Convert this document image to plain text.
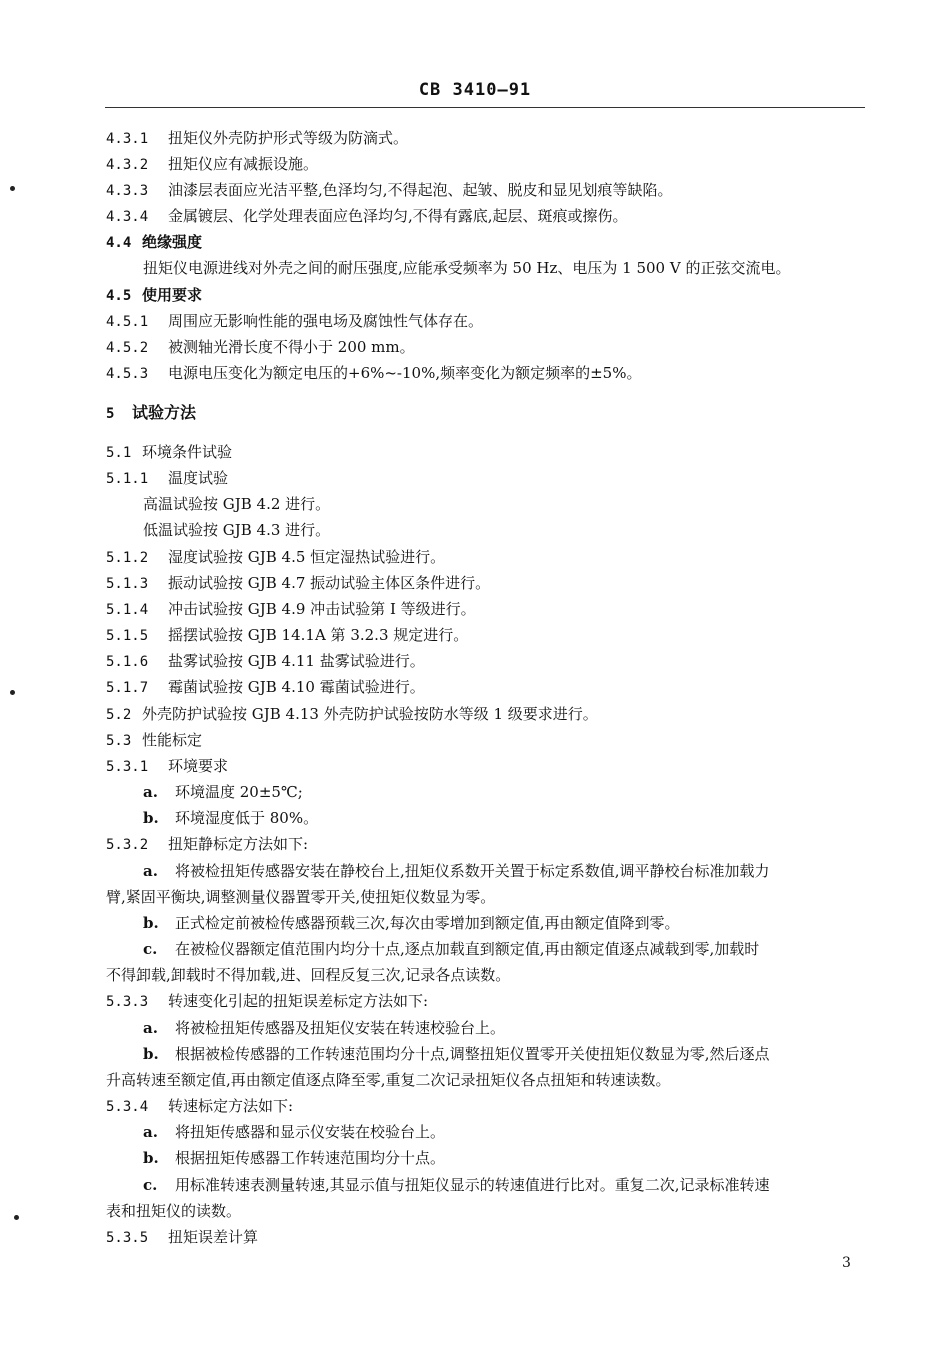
CB 3410—91
4.3.1 扭矩仪外壳防护形式等级为防滴式。
4.3.2 扭矩仪应有减振设施。
4.3.3 油漆层表面应光洁平整,色泽均匀,不得起泡、起皱、脱皮和显见划痕等缺陷。
4.3.4 金属镀层、化学处理表面应色泽均匀,不得有露底,起层、斑痕或擦伤。
4.4 绝缘强度
扭矩仪电源进线对外壳之间的耐压强度,应能承受频率为 50 Hz、电压为 1 500 V 的正弦交流电。
4.5 使用要求
4.5.1 周围应无影响性能的强电场及腐蚀性气体存在。
4.5.2 被测轴光滑长度不得小于 200 mm。
4.5.3 电源电压变化为额定电压的+6%~-10%,频率变化为额定频率的±5%。
5 试验方法
5.1 环境条件试验
5.1.1 温度试验
高温试验按 GJB 4.2 进行。
低温试验按 GJB 4.3 进行。
5.1.2 湿度试验按 GJB 4.5 恒定湿热试验进行。
5.1.3 振动试验按 GJB 4.7 振动试验主体区条件进行。
5.1.4 冲击试验按 GJB 4.9 冲击试验第 I 等级进行。
5.1.5 摇摆试验按 GJB 14.1A 第 3.2.3 规定进行。
5.1.6 盐雾试验按 GJB 4.11 盐雾试验进行。
5.1.7 霉菌试验按 GJB 4.10 霉菌试验进行。
5.2 外壳防护试验按 GJB 4.13 外壳防护试验按防水等级 1 级要求进行。
5.3 性能标定
5.3.1 环境要求
a. 环境温度 20±5℃;
b. 环境湿度低于 80%。
5.3.2 扭矩静标定方法如下:
a. 将被检扭矩传感器安装在静校台上,扭矩仪系数开关置于标定系数值,调平静校台标准加载力
臂,紧固平衡块,调整测量仪器置零开关,使扭矩仪数显为零。
b. 正式检定前被检传感器预载三次,每次由零增加到额定值,再由额定值降到零。
c. 在被检仪器额定值范围内均分十点,逐点加载直到额定值,再由额定值逐点减载到零,加载时
不得卸载,卸载时不得加载,进、回程反复三次,记录各点读数。
5.3.3 转速变化引起的扭矩误差标定方法如下:
a. 将被检扭矩传感器及扭矩仪安装在转速校验台上。
b. 根据被检传感器的工作转速范围均分十点,调整扭矩仪置零开关使扭矩仪数显为零,然后逐点
升高转速至额定值,再由额定值逐点降至零,重复二次记录扭矩仪各点扭矩和转速读数。
5.3.4 转速标定方法如下:
a. 将扭矩传感器和显示仪安装在校验台上。
b. 根据扭矩传感器工作转速范围均分十点。
c. 用标准转速表测量转速,其显示值与扭矩仪显示的转速值进行比对。重复二次,记录标准转速
表和扭矩仪的读数。
5.3.5 扭矩误差计算
3
